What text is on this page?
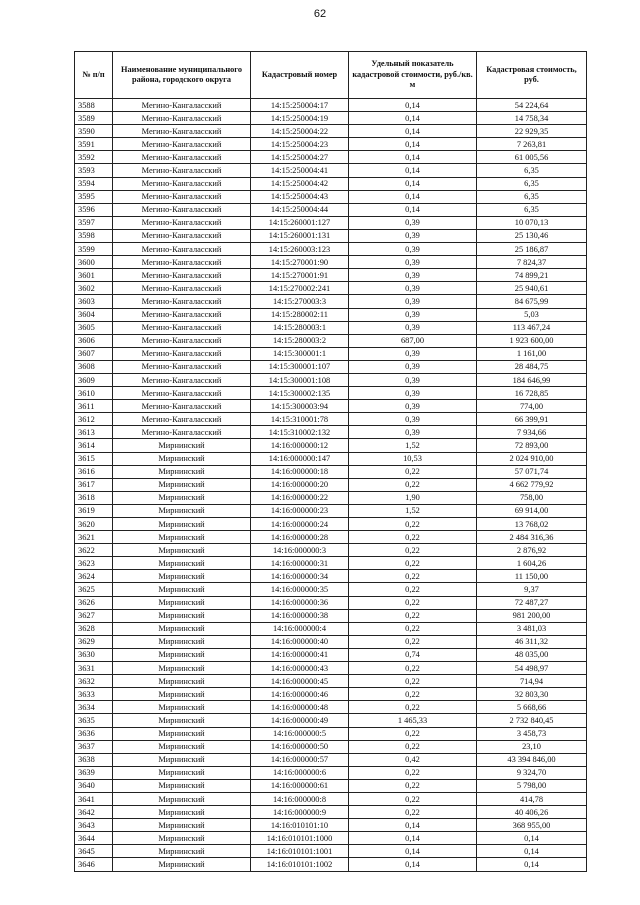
62
№ п/п	Наименование муниципального района, городского округа	Кадастровый номер	Удельный показатель кадастровой стоимости, руб./кв. м	Кадастровая стоимость, руб.
3588	Мегино-Кангаласский	14:15:250004:17	0,14	54 224,64
3589	Мегино-Кангаласский	14:15:250004:19	0,14	14 758,34
3590	Мегино-Кангаласский	14:15:250004:22	0,14	22 929,35
3591	Мегино-Кангаласский	14:15:250004:23	0,14	7 263,81
3592	Мегино-Кангаласский	14:15:250004:27	0,14	61 005,56
3593	Мегино-Кангаласский	14:15:250004:41	0,14	6,35
3594	Мегино-Кангаласский	14:15:250004:42	0,14	6,35
3595	Мегино-Кангаласский	14:15:250004:43	0,14	6,35
3596	Мегино-Кангаласский	14:15:250004:44	0,14	6,35
3597	Мегино-Кангаласский	14:15:260001:127	0,39	10 070,13
3598	Мегино-Кангаласский	14:15:260001:131	0,39	25 130,46
3599	Мегино-Кангаласский	14:15:260003:123	0,39	25 186,87
3600	Мегино-Кангаласский	14:15:270001:90	0,39	7 824,37
3601	Мегино-Кангаласский	14:15:270001:91	0,39	74 899,21
3602	Мегино-Кангаласский	14:15:270002:241	0,39	25 940,61
3603	Мегино-Кангаласский	14:15:270003:3	0,39	84 675,99
3604	Мегино-Кангаласский	14:15:280002:11	0,39	5,03
3605	Мегино-Кангаласский	14:15:280003:1	0,39	113 467,24
3606	Мегино-Кангаласский	14:15:280003:2	687,00	1 923 600,00
3607	Мегино-Кангаласский	14:15:300001:1	0,39	1 161,00
3608	Мегино-Кангаласский	14:15:300001:107	0,39	28 484,75
3609	Мегино-Кангаласский	14:15:300001:108	0,39	184 646,99
3610	Мегино-Кангаласский	14:15:300002:135	0,39	16 728,85
3611	Мегино-Кангаласский	14:15:300003:94	0,39	774,00
3612	Мегино-Кангаласский	14:15:310001:78	0,39	66 399,91
3613	Мегино-Кангаласский	14:15:310002:132	0,39	7 934,66
3614	Мирнинский	14:16:000000:12	1,52	72 893,00
3615	Мирнинский	14:16:000000:147	10,53	2 024 910,00
3616	Мирнинский	14:16:000000:18	0,22	57 071,74
3617	Мирнинский	14:16:000000:20	0,22	4 662 779,92
3618	Мирнинский	14:16:000000:22	1,90	758,00
3619	Мирнинский	14:16:000000:23	1,52	69 914,00
3620	Мирнинский	14:16:000000:24	0,22	13 768,02
3621	Мирнинский	14:16:000000:28	0,22	2 484 316,36
3622	Мирнинский	14:16:000000:3	0,22	2 876,92
3623	Мирнинский	14:16:000000:31	0,22	1 604,26
3624	Мирнинский	14:16:000000:34	0,22	11 150,00
3625	Мирнинский	14:16:000000:35	0,22	9,37
3626	Мирнинский	14:16:000000:36	0,22	72 487,27
3627	Мирнинский	14:16:000000:38	0,22	981 200,00
3628	Мирнинский	14:16:000000:4	0,22	3 481,03
3629	Мирнинский	14:16:000000:40	0,22	46 311,32
3630	Мирнинский	14:16:000000:41	0,74	48 035,00
3631	Мирнинский	14:16:000000:43	0,22	54 498,97
3632	Мирнинский	14:16:000000:45	0,22	714,94
3633	Мирнинский	14:16:000000:46	0,22	32 803,30
3634	Мирнинский	14:16:000000:48	0,22	5 668,66
3635	Мирнинский	14:16:000000:49	1 465,33	2 732 840,45
3636	Мирнинский	14:16:000000:5	0,22	3 458,73
3637	Мирнинский	14:16:000000:50	0,22	23,10
3638	Мирнинский	14:16:000000:57	0,42	43 394 846,00
3639	Мирнинский	14:16:000000:6	0,22	9 324,70
3640	Мирнинский	14:16:000000:61	0,22	5 798,00
3641	Мирнинский	14:16:000000:8	0,22	414,78
3642	Мирнинский	14:16:000000:9	0,22	40 406,26
3643	Мирнинский	14:16:010101:10	0,14	368 955,00
3644	Мирнинский	14:16:010101:1000	0,14	0,14
3645	Мирнинский	14:16:010101:1001	0,14	0,14
3646	Мирнинский	14:16:010101:1002	0,14	0,14
